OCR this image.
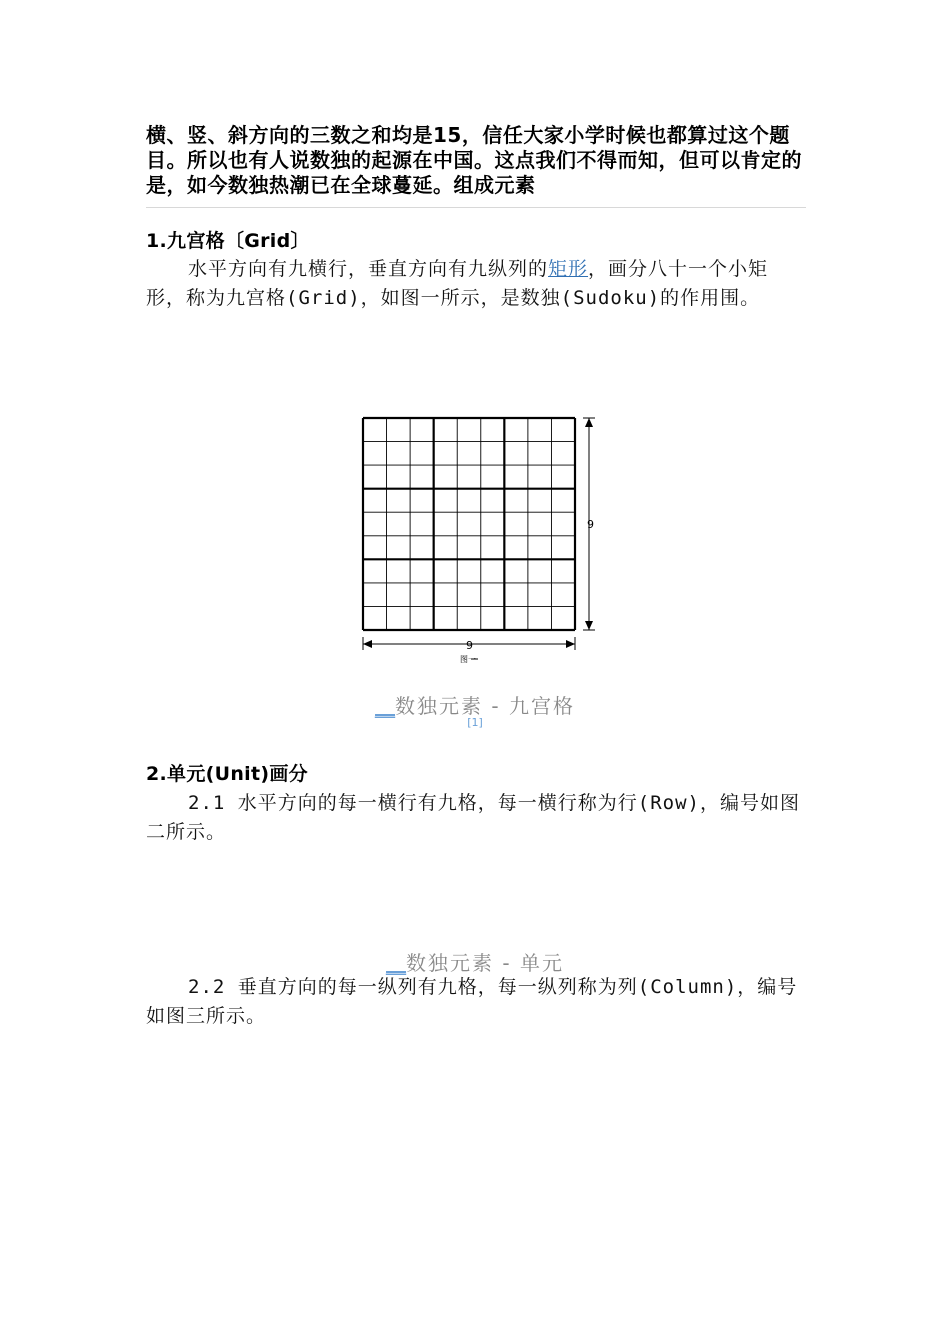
横、竖、斜方向的三数之和均是15，信任大家小学时候也都算过这个题目。所以也有人说数独的起源在中国。这点我们不得而知，但可以肯定的是，如今数独热潮已在全球蔓延。组成元素
1.九宫格〔Grid〕
水平方向有九横行，垂直方向有九纵列的矩形，画分八十一个小矩形，称为九宫格(Grid)，如图一所示，是数独(Sudoku)的作用围。
9
9
图一
__数独元素 - 九宫格
[1]
2.单元(Unit)画分
2.1 水平方向的每一横行有九格，每一横行称为行(Row)，编号如图二所示。
__数独元素 - 单元
2.2 垂直方向的每一纵列有九格，每一纵列称为列(Column)，编号如图三所示。
